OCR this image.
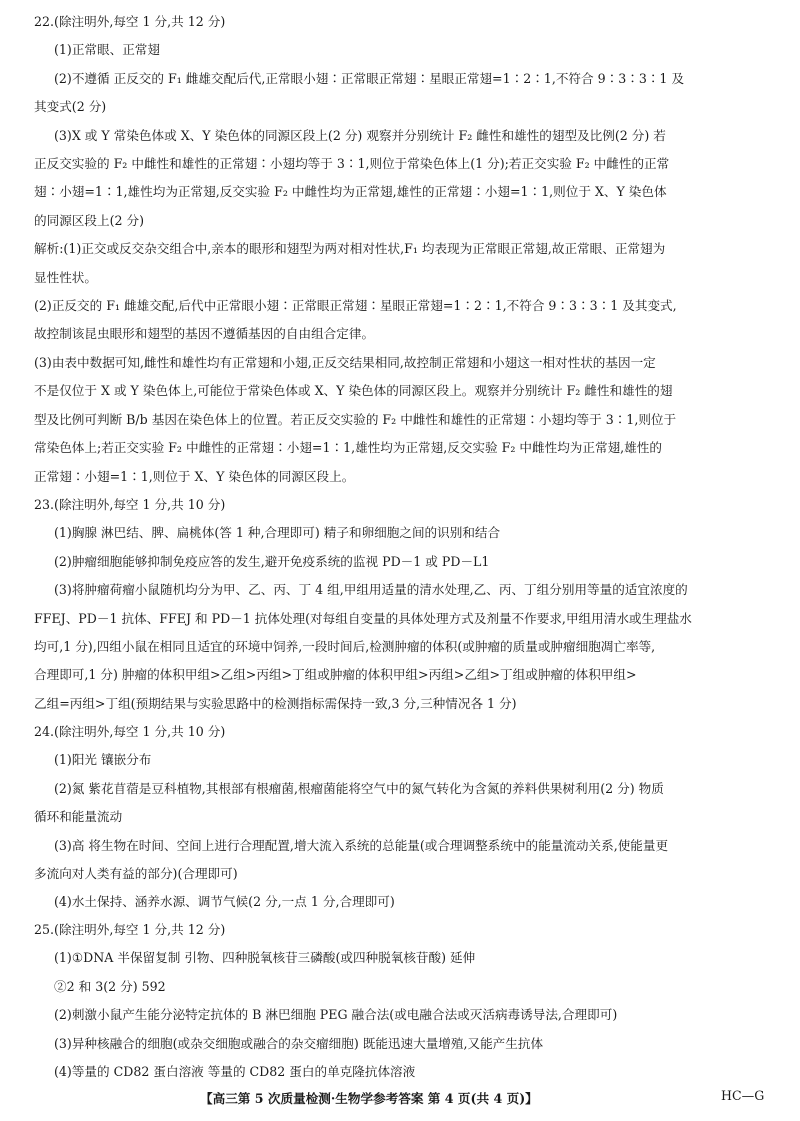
22.(除注明外,每空 1 分,共 12 分)
(1)正常眼、正常翅
(2)不遵循 正反交的 F₁ 雌雄交配后代,正常眼小翅∶正常眼正常翅∶星眼正常翅=1∶2∶1,不符合 9∶3∶3∶1 及
其变式(2 分)
(3)X 或 Y 常染色体或 X、Y 染色体的同源区段上(2 分) 观察并分别统计 F₂ 雌性和雄性的翅型及比例(2 分) 若
正反交实验的 F₂ 中雌性和雄性的正常翅∶小翅均等于 3∶1,则位于常染色体上(1 分);若正交实验 F₂ 中雌性的正常
翅∶小翅=1∶1,雄性均为正常翅,反交实验 F₂ 中雌性均为正常翅,雄性的正常翅∶小翅=1∶1,则位于 X、Y 染色体
的同源区段上(2 分)
解析:(1)正交或反交杂交组合中,亲本的眼形和翅型为两对相对性状,F₁ 均表现为正常眼正常翅,故正常眼、正常翅为
显性性状。
(2)正反交的 F₁ 雌雄交配,后代中正常眼小翅∶正常眼正常翅∶星眼正常翅=1∶2∶1,不符合 9∶3∶3∶1 及其变式,
故控制该昆虫眼形和翅型的基因不遵循基因的自由组合定律。
(3)由表中数据可知,雌性和雄性均有正常翅和小翅,正反交结果相同,故控制正常翅和小翅这一相对性状的基因一定
不是仅位于 X 或 Y 染色体上,可能位于常染色体或 X、Y 染色体的同源区段上。观察并分别统计 F₂ 雌性和雄性的翅
型及比例可判断 B/b 基因在染色体上的位置。若正反交实验的 F₂ 中雌性和雄性的正常翅∶小翅均等于 3∶1,则位于
常染色体上;若正交实验 F₂ 中雌性的正常翅∶小翅=1∶1,雄性均为正常翅,反交实验 F₂ 中雌性均为正常翅,雄性的
正常翅∶小翅=1∶1,则位于 X、Y 染色体的同源区段上。
23.(除注明外,每空 1 分,共 10 分)
(1)胸腺 淋巴结、脾、扁桃体(答 1 种,合理即可) 精子和卵细胞之间的识别和结合
(2)肿瘤细胞能够抑制免疫应答的发生,避开免疫系统的监视 PD－1 或 PD－L1
(3)将肿瘤荷瘤小鼠随机均分为甲、乙、丙、丁 4 组,甲组用适量的清水处理,乙、丙、丁组分别用等量的适宜浓度的
FFEJ、PD－1 抗体、FFEJ 和 PD－1 抗体处理(对每组自变量的具体处理方式及剂量不作要求,甲组用清水或生理盐水
均可,1 分),四组小鼠在相同且适宜的环境中饲养,一段时间后,检测肿瘤的体积(或肿瘤的质量或肿瘤细胞凋亡率等,
合理即可,1 分) 肿瘤的体积甲组>乙组>丙组>丁组或肿瘤的体积甲组>丙组>乙组>丁组或肿瘤的体积甲组>
乙组=丙组>丁组(预期结果与实验思路中的检测指标需保持一致,3 分,三种情况各 1 分)
24.(除注明外,每空 1 分,共 10 分)
(1)阳光 镶嵌分布
(2)氮 紫花苜蓿是豆科植物,其根部有根瘤菌,根瘤菌能将空气中的氮气转化为含氮的养料供果树利用(2 分) 物质
循环和能量流动
(3)高 将生物在时间、空间上进行合理配置,增大流入系统的总能量(或合理调整系统中的能量流动关系,使能量更
多流向对人类有益的部分)(合理即可)
(4)水土保持、涵养水源、调节气候(2 分,一点 1 分,合理即可)
25.(除注明外,每空 1 分,共 12 分)
(1)①DNA 半保留复制 引物、四种脱氧核苷三磷酸(或四种脱氧核苷酸) 延伸
②2 和 3(2 分) 592
(2)刺激小鼠产生能分泌特定抗体的 B 淋巴细胞 PEG 融合法(或电融合法或灭活病毒诱导法,合理即可)
(3)异种核融合的细胞(或杂交细胞或融合的杂交瘤细胞) 既能迅速大量增殖,又能产生抗体
(4)等量的 CD82 蛋白溶液 等量的 CD82 蛋白的单克隆抗体溶液
【高三第 5 次质量检测·生物学参考答案 第 4 页(共 4 页)】	HC—G
